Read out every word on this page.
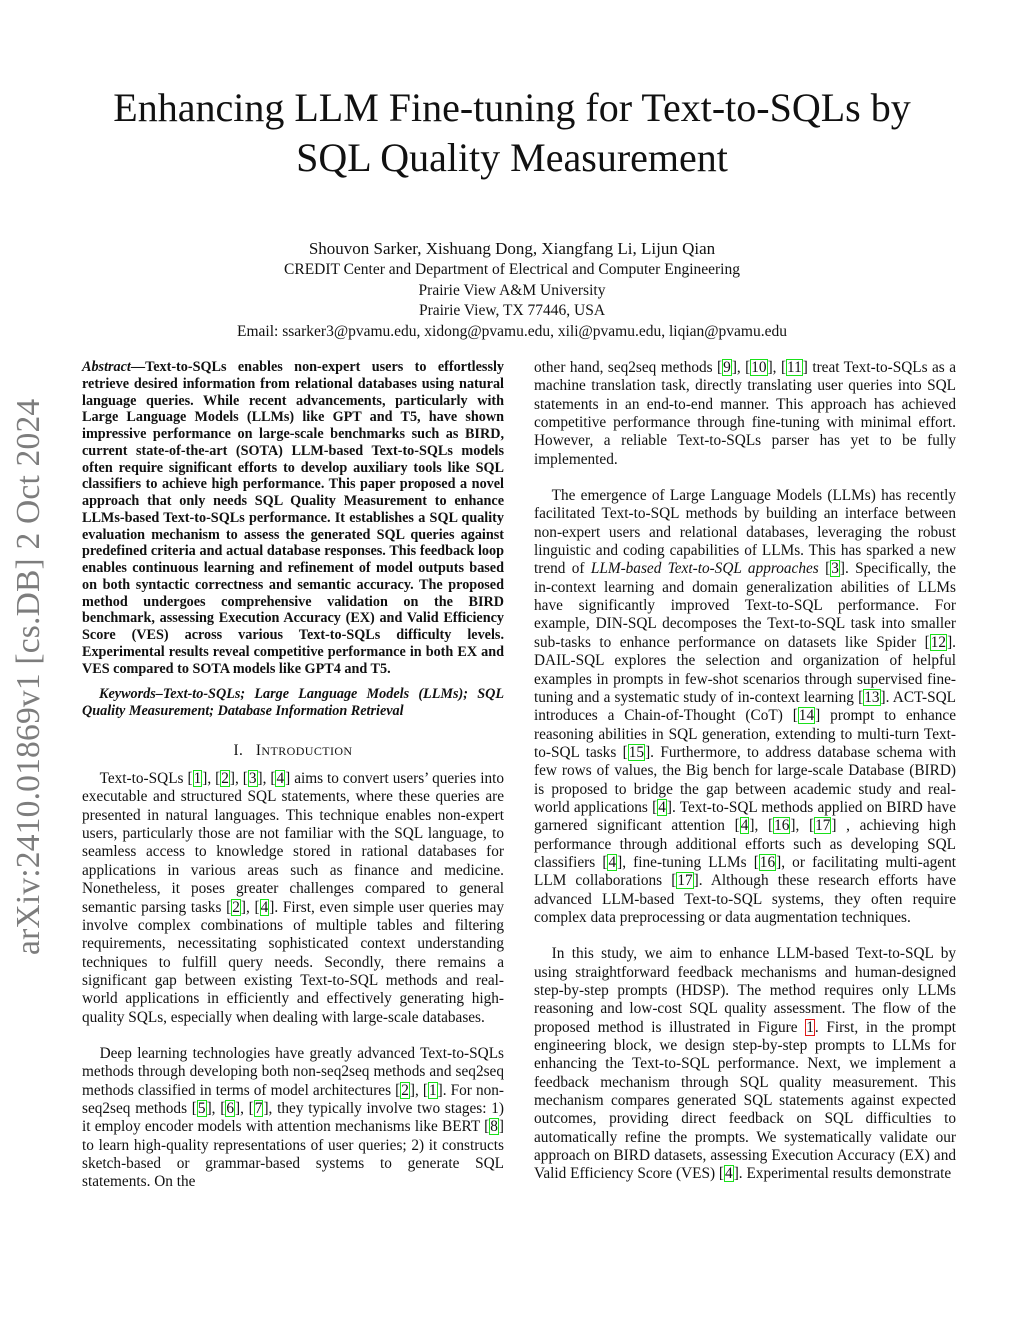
arXiv:2410.01869v1 [cs.DB] 2 Oct 2024
Enhancing LLM Fine-tuning for Text-to-SQLs by
SQL Quality Measurement
Shouvon Sarker, Xishuang Dong, Xiangfang Li, Lijun Qian
CREDIT Center and Department of Electrical and Computer Engineering
Prairie View A&M University
Prairie View, TX 77446, USA
Email: ssarker3@pvamu.edu, xidong@pvamu.edu, xili@pvamu.edu, liqian@pvamu.edu

Abstract—Text-to-SQLs enables non-expert users to effortlessly retrieve desired information from relational databases using natural language queries. While recent advancements, particularly with Large Language Models (LLMs) like GPT and T5, have shown impressive performance on large-scale benchmarks such as BIRD, current state-of-the-art (SOTA) LLM-based Text-to-SQLs models often require significant efforts to develop auxiliary tools like SQL classifiers to achieve high performance. This paper proposed a novel approach that only needs SQL Quality Measurement to enhance LLMs-based Text-to-SQLs performance. It establishes a SQL quality evaluation mechanism to assess the generated SQL queries against predefined criteria and actual database responses. This feedback loop enables continuous learning and refinement of model outputs based on both syntactic correctness and semantic accuracy. The proposed method undergoes comprehensive validation on the BIRD benchmark, assessing Execution Accuracy (EX) and Valid Efficiency Score (VES) across various Text-to-SQLs difficulty levels. Experimental results reveal competitive performance in both EX and VES compared to SOTA models like GPT4 and T5.

Keywords–Text-to-SQLs; Large Language Models (LLMs); SQL Quality Measurement; Database Information Retrieval

I. INTRODUCTION

Text-to-SQLs [1], [2], [3], [4] aims to convert users’ queries into executable and structured SQL statements, where these queries are presented in natural languages. This technique enables non-expert users, particularly those are not familiar with the SQL language, to seamless access to knowledge stored in rational databases for applications in various areas such as finance and medicine. Nonetheless, it poses greater challenges compared to general semantic parsing tasks [2], [4]. First, even simple user queries may involve complex combinations of multiple tables and filtering requirements, necessitating sophisticated context understanding techniques to fulfill query needs. Secondly, there remains a significant gap between existing Text-to-SQL methods and real-world applications in efficiently and effectively generating high-quality SQLs, especially when dealing with large-scale databases.

Deep learning technologies have greatly advanced Text-to-SQLs methods through developing both non-seq2seq methods and seq2seq methods classified in terms of model architectures [2], [1]. For non-seq2seq methods [5], [6], [7], they typically involve two stages: 1) it employ encoder models with attention mechanisms like BERT [8] to learn high-quality representations of user queries; 2) it constructs sketch-based or grammar-based systems to generate SQL statements. On the

other hand, seq2seq methods [9], [10], [11] treat Text-to-SQLs as a machine translation task, directly translating user queries into SQL statements in an end-to-end manner. This approach has achieved competitive performance through fine-tuning with minimal effort. However, a reliable Text-to-SQLs parser has yet to be fully implemented.

The emergence of Large Language Models (LLMs) has recently facilitated Text-to-SQL methods by building an interface between non-expert users and relational databases, leveraging the robust linguistic and coding capabilities of LLMs. This has sparked a new trend of LLM-based Text-to-SQL approaches [3]. Specifically, the in-context learning and domain generalization abilities of LLMs have significantly improved Text-to-SQL performance. For example, DIN-SQL decomposes the Text-to-SQL task into smaller sub-tasks to enhance performance on datasets like Spider [12]. DAIL-SQL explores the selection and organization of helpful examples in prompts in few-shot scenarios through supervised fine-tuning and a systematic study of in-context learning [13]. ACT-SQL introduces a Chain-of-Thought (CoT) [14] prompt to enhance reasoning abilities in SQL generation, extending to multi-turn Text-to-SQL tasks [15]. Furthermore, to address database schema with few rows of values, the Big bench for large-scale Database (BIRD) is proposed to bridge the gap between academic study and real-world applications [4]. Text-to-SQL methods applied on BIRD have garnered significant attention [4], [16], [17] , achieving high performance through additional efforts such as developing SQL classifiers [4], fine-tuning LLMs [16], or facilitating multi-agent LLM collaborations [17]. Although these research efforts have advanced LLM-based Text-to-SQL systems, they often require complex data preprocessing or data augmentation techniques.

In this study, we aim to enhance LLM-based Text-to-SQL by using straightforward feedback mechanisms and human-designed step-by-step prompts (HDSP). The method requires only LLMs reasoning and low-cost SQL quality assessment. The flow of the proposed method is illustrated in Figure 1. First, in the prompt engineering block, we design step-by-step prompts to LLMs for enhancing the Text-to-SQL performance. Next, we implement a feedback mechanism through SQL quality measurement. This mechanism compares generated SQL statements against expected outcomes, providing direct feedback on SQL difficulties to automatically refine the prompts. We systematically validate our approach on BIRD datasets, assessing Execution Accuracy (EX) and Valid Efficiency Score (VES) [4]. Experimental results demonstrate
